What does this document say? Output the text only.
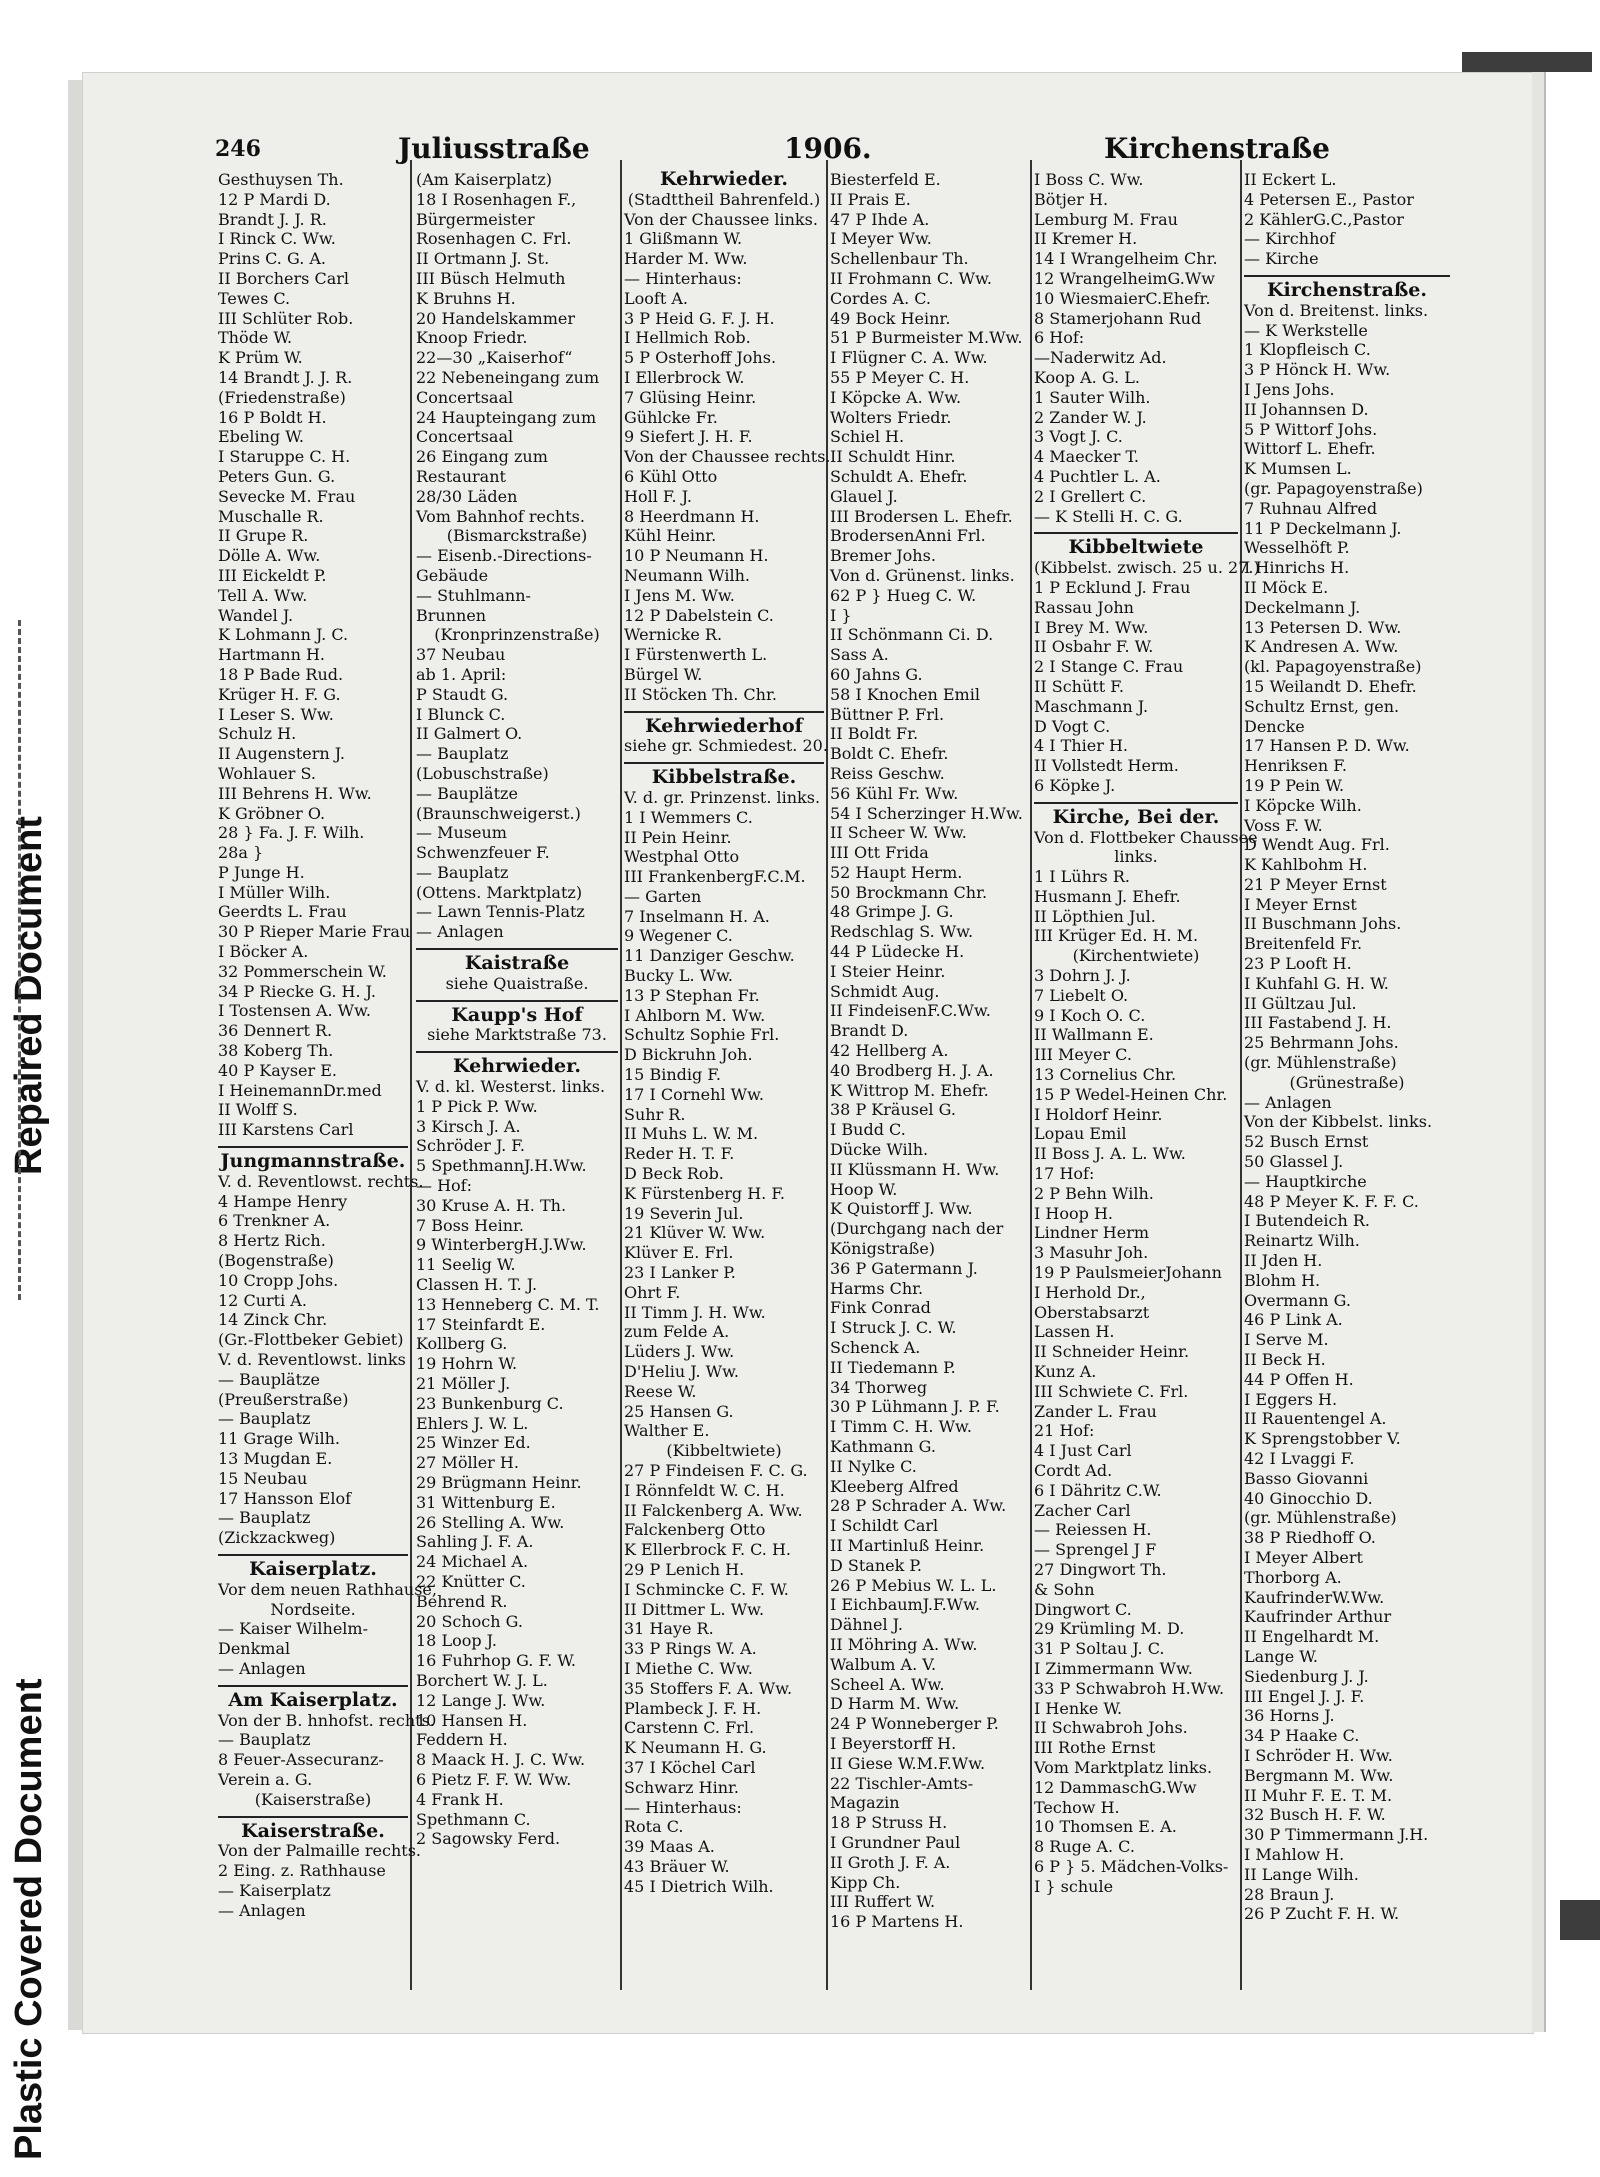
Repaired Document
Plastic Covered Document
246	Juliusstraße	1906.	Kirchenstraße
Gesthuysen Th.
12 P Mardi D.
Brandt J. J. R.
I Rinck C. Ww.
Prins C. G. A.
II Borchers Carl
Tewes C.
III Schlüter Rob.
Thöde W.
K Prüm W.
14 Brandt J. J. R.
(Friedenstraße)
16 P Boldt H.
Ebeling W.
I Staruppe C. H.
Peters Gun. G.
Sevecke M. Frau
Muschalle R.
II Grupe R.
Dölle A. Ww.
III Eickeldt P.
Tell A. Ww.
Wandel J.
K Lohmann J. C.
Hartmann H.
18 P Bade Rud.
Krüger H. F. G.
I Leser S. Ww.
Schulz H.
II Augenstern J.
Wohlauer S.
III Behrens H. Ww.
K Gröbner O.
28 } Fa. J. F. Wilh.
28a }
P Junge H.
I Müller Wilh.
Geerdts L. Frau
30 P Rieper Marie Frau
I Böcker A.
32 Pommerschein W.
34 P Riecke G. H. J.
I Tostensen A. Ww.
36 Dennert R.
38 Koberg Th.
40 P Kayser E.
I HeinemannDr.med
II Wolff S.
III Karstens Carl
Jungmannstraße.
V. d. Reventlowst. rechts.
4 Hampe Henry
6 Trenkner A.
8 Hertz Rich.
(Bogenstraße)
10 Cropp Johs.
12 Curti A.
14 Zinck Chr.
(Gr.-Flottbeker Gebiet)
V. d. Reventlowst. links
— Bauplätze
(Preußerstraße)
— Bauplatz
11 Grage Wilh.
13 Mugdan E.
15 Neubau
17 Hansson Elof
— Bauplatz
(Zickzackweg)
Kaiserplatz.
Vor dem neuen Rathhause,
Nordseite.
— Kaiser Wilhelm-
Denkmal
— Anlagen
Am Kaiserplatz.
Von der B. hnhofst. rechts.
— Bauplatz
8 Feuer-Assecuranz-
Verein a. G.
(Kaiserstraße)
Kaiserstraße.
Von der Palmaille rechts.
2 Eing. z. Rathhause
— Kaiserplatz
— Anlagen
(Am Kaiserplatz)
18 I Rosenhagen F.,
Bürgermeister
Rosenhagen C. Frl.
II Ortmann J. St.
III Büsch Helmuth
K Bruhns H.
20 Handelskammer
Knoop Friedr.
22—30 „Kaiserhof“
22 Nebeneingang zum
Concertsaal
24 Haupteingang zum
Concertsaal
26 Eingang zum
Restaurant
28/30 Läden
Vom Bahnhof rechts.
(Bismarckstraße)
— Eisenb.-Directions-
Gebäude
— Stuhlmann-
Brunnen
(Kronprinzenstraße)
37 Neubau
ab 1. April:
P Staudt G.
I Blunck C.
II Galmert O.
— Bauplatz
(Lobuschstraße)
— Bauplätze
(Braunschweigerst.)
— Museum
Schwenzfeuer F.
— Bauplatz
(Ottens. Marktplatz)
— Lawn Tennis-Platz
— Anlagen
Kaistraße
siehe Quaistraße.
Kaupp's Hof
siehe Marktstraße 73.
Kehrwieder.
V. d. kl. Westerst. links.
1 P Pick P. Ww.
3 Kirsch J. A.
Schröder J. F.
5 SpethmannJ.H.Ww.
— Hof:
30 Kruse A. H. Th.
7 Boss Heinr.
9 WinterbergH.J.Ww.
11 Seelig W.
Classen H. T. J.
13 Henneberg C. M. T.
17 Steinfardt E.
Kollberg G.
19 Hohrn W.
21 Möller J.
23 Bunkenburg C.
Ehlers J. W. L.
25 Winzer Ed.
27 Möller H.
29 Brügmann Heinr.
31 Wittenburg E.
26 Stelling A. Ww.
Sahling J. F. A.
24 Michael A.
22 Knütter C.
Behrend R.
20 Schoch G.
18 Loop J.
16 Fuhrhop G. F. W.
Borchert W. J. L.
12 Lange J. Ww.
10 Hansen H.
Feddern H.
8 Maack H. J. C. Ww.
6 Pietz F. F. W. Ww.
4 Frank H.
Spethmann C.
2 Sagowsky Ferd.
Kehrwieder.
(Stadttheil Bahrenfeld.)
Von der Chaussee links.
1 Glißmann W.
Harder M. Ww.
— Hinterhaus:
Looft A.
3 P Heid G. F. J. H.
I Hellmich Rob.
5 P Osterhoff Johs.
I Ellerbrock W.
7 Glüsing Heinr.
Gühlcke Fr.
9 Siefert J. H. F.
Von der Chaussee rechts.
6 Kühl Otto
Holl F. J.
8 Heerdmann H.
Kühl Heinr.
10 P Neumann H.
Neumann Wilh.
I Jens M. Ww.
12 P Dabelstein C.
Wernicke R.
I Fürstenwerth L.
Bürgel W.
II Stöcken Th. Chr.
Kehrwiederhof
siehe gr. Schmiedest. 20.
Kibbelstraße.
V. d. gr. Prinzenst. links.
1 I Wemmers C.
II Pein Heinr.
Westphal Otto
III FrankenbergF.C.M.
— Garten
7 Inselmann H. A.
9 Wegener C.
11 Danziger Geschw.
Bucky L. Ww.
13 P Stephan Fr.
I Ahlborn M. Ww.
Schultz Sophie Frl.
D Bickruhn Joh.
15 Bindig F.
17 I Cornehl Ww.
Suhr R.
II Muhs L. W. M.
Reder H. T. F.
D Beck Rob.
K Fürstenberg H. F.
19 Severin Jul.
21 Klüver W. Ww.
Klüver E. Frl.
23 I Lanker P.
Ohrt F.
II Timm J. H. Ww.
zum Felde A.
Lüders J. Ww.
D'Heliu J. Ww.
Reese W.
25 Hansen G.
Walther E.
(Kibbeltwiete)
27 P Findeisen F. C. G.
I Rönnfeldt W. C. H.
II Falckenberg A. Ww.
Falckenberg Otto
K Ellerbrock F. C. H.
29 P Lenich H.
I Schmincke C. F. W.
II Dittmer L. Ww.
31 Haye R.
33 P Rings W. A.
I Miethe C. Ww.
35 Stoffers F. A. Ww.
Plambeck J. F. H.
Carstenn C. Frl.
K Neumann H. G.
37 I Köchel Carl
Schwarz Hinr.
— Hinterhaus:
Rota C.
39 Maas A.
43 Bräuer W.
45 I Dietrich Wilh.
Biesterfeld E.
II Prais E.
47 P Ihde A.
I Meyer Ww.
Schellenbaur Th.
II Frohmann C. Ww.
Cordes A. C.
49 Bock Heinr.
51 P Burmeister M.Ww.
I Flügner C. A. Ww.
55 P Meyer C. H.
I Köpcke A. Ww.
Wolters Friedr.
Schiel H.
II Schuldt Hinr.
Schuldt A. Ehefr.
Glauel J.
III Brodersen L. Ehefr.
BrodersenAnni Frl.
Bremer Johs.
Von d. Grünenst. links.
62 P } Hueg C. W.
I }
II Schönmann Ci. D.
Sass A.
60 Jahns G.
58 I Knochen Emil
Büttner P. Frl.
II Boldt Fr.
Boldt C. Ehefr.
Reiss Geschw.
56 Kühl Fr. Ww.
54 I Scherzinger H.Ww.
II Scheer W. Ww.
III Ott Frida
52 Haupt Herm.
50 Brockmann Chr.
48 Grimpe J. G.
Redschlag S. Ww.
44 P Lüdecke H.
I Steier Heinr.
Schmidt Aug.
II FindeisenF.C.Ww.
Brandt D.
42 Hellberg A.
40 Brodberg H. J. A.
K Wittrop M. Ehefr.
38 P Kräusel G.
I Budd C.
Dücke Wilh.
II Klüssmann H. Ww.
Hoop W.
K Quistorff J. Ww.
(Durchgang nach der
Königstraße)
36 P Gatermann J.
Harms Chr.
Fink Conrad
I Struck J. C. W.
Schenck A.
II Tiedemann P.
34 Thorweg
30 P Lühmann J. P. F.
I Timm C. H. Ww.
Kathmann G.
II Nylke C.
Kleeberg Alfred
28 P Schrader A. Ww.
I Schildt Carl
II Martinluß Heinr.
D Stanek P.
26 P Mebius W. L. L.
I EichbaumJ.F.Ww.
Dähnel J.
II Möhring A. Ww.
Walbum A. V.
Scheel A. Ww.
D Harm M. Ww.
24 P Wonneberger P.
I Beyerstorff H.
II Giese W.M.F.Ww.
22 Tischler-Amts-
Magazin
18 P Struss H.
I Grundner Paul
II Groth J. F. A.
Kipp Ch.
III Ruffert W.
16 P Martens H.
I Boss C. Ww.
Bötjer H.
Lemburg M. Frau
II Kremer H.
14 I Wrangelheim Chr.
12 WrangelheimG.Ww
10 WiesmaierC.Ehefr.
8 Stamerjohann Rud
6 Hof:
—Naderwitz Ad.
Koop A. G. L.
1 Sauter Wilh.
2 Zander W. J.
3 Vogt J. C.
4 Maecker T.
4 Puchtler L. A.
2 I Grellert C.
— K Stelli H. C. G.
Kibbeltwiete
(Kibbelst. zwisch. 25 u. 27.)
1 P Ecklund J. Frau
Rassau John
I Brey M. Ww.
II Osbahr F. W.
2 I Stange C. Frau
II Schütt F.
Maschmann J.
D Vogt C.
4 I Thier H.
II Vollstedt Herm.
6 Köpke J.
Kirche, Bei der.
Von d. Flottbeker Chaussee
links.
1 I Lührs R.
Husmann J. Ehefr.
II Löpthien Jul.
III Krüger Ed. H. M.
(Kirchentwiete)
3 Dohrn J. J.
7 Liebelt O.
9 I Koch O. C.
II Wallmann E.
III Meyer C.
13 Cornelius Chr.
15 P Wedel-Heinen Chr.
I Holdorf Heinr.
Lopau Emil
II Boss J. A. L. Ww.
17 Hof:
2 P Behn Wilh.
I Hoop H.
Lindner Herm
3 Masuhr Joh.
19 P PaulsmeierJohann
I Herhold Dr.,
Oberstabsarzt
Lassen H.
II Schneider Heinr.
Kunz A.
III Schwiete C. Frl.
Zander L. Frau
21 Hof:
4 I Just Carl
Cordt Ad.
6 I Dähritz C.W.
Zacher Carl
— Reiessen H.
— Sprengel J F
27 Dingwort Th.
& Sohn
Dingwort C.
29 Krümling M. D.
31 P Soltau J. C.
I Zimmermann Ww.
33 P Schwabroh H.Ww.
I Henke W.
II Schwabroh Johs.
III Rothe Ernst
Vom Marktplatz links.
12 DammaschG.Ww
Techow H.
10 Thomsen E. A.
8 Ruge A. C.
6 P } 5. Mädchen-Volks-
I } schule
II Eckert L.
4 Petersen E., Pastor
2 KählerG.C.,Pastor
— Kirchhof
— Kirche
Kirchenstraße.
Von d. Breitenst. links.
— K Werkstelle
1 Klopfleisch C.
3 P Hönck H. Ww.
I Jens Johs.
II Johannsen D.
5 P Wittorf Johs.
Wittorf L. Ehefr.
K Mumsen L.
(gr. Papagoyenstraße)
7 Ruhnau Alfred
11 P Deckelmann J.
Wesselhöft P.
I Hinrichs H.
II Möck E.
Deckelmann J.
13 Petersen D. Ww.
K Andresen A. Ww.
(kl. Papagoyenstraße)
15 Weilandt D. Ehefr.
Schultz Ernst, gen.
Dencke
17 Hansen P. D. Ww.
Henriksen F.
19 P Pein W.
I Köpcke Wilh.
Voss F. W.
D Wendt Aug. Frl.
K Kahlbohm H.
21 P Meyer Ernst
I Meyer Ernst
II Buschmann Johs.
Breitenfeld Fr.
23 P Looft H.
I Kuhfahl G. H. W.
II Gültzau Jul.
III Fastabend J. H.
25 Behrmann Johs.
(gr. Mühlenstraße)
(Grünestraße)
— Anlagen
Von der Kibbelst. links.
52 Busch Ernst
50 Glassel J.
— Hauptkirche
48 P Meyer K. F. F. C.
I Butendeich R.
Reinartz Wilh.
II Jden H.
Blohm H.
Overmann G.
46 P Link A.
I Serve M.
II Beck H.
44 P Offen H.
I Eggers H.
II Rauentengel A.
K Sprengstobber V.
42 I Lvaggi F.
Basso Giovanni
40 Ginocchio D.
(gr. Mühlenstraße)
38 P Riedhoff O.
I Meyer Albert
Thorborg A.
KaufrinderW.Ww.
Kaufrinder Arthur
II Engelhardt M.
Lange W.
Siedenburg J. J.
III Engel J. J. F.
36 Horns J.
34 P Haake C.
I Schröder H. Ww.
Bergmann M. Ww.
II Muhr F. E. T. M.
32 Busch H. F. W.
30 P Timmermann J.H.
I Mahlow H.
II Lange Wilh.
28 Braun J.
26 P Zucht F. H. W.
